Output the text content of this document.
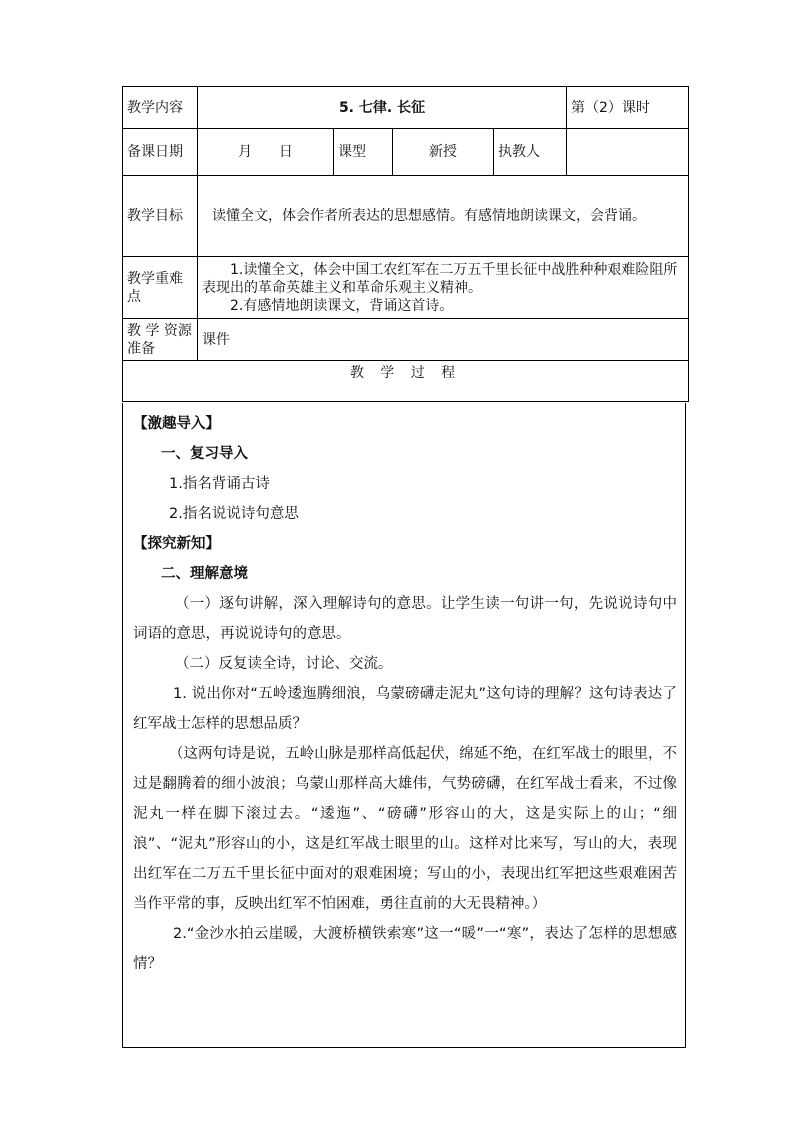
教学内容	5. 七律. 长征				第（2）课时
备课日期	月      日	课型	新授	执教人	
教学目标	读懂全文，体会作者所表达的思想感情。有感情地朗读课文，会背诵。				
教学重难点	1.读懂全文，体会中国工农红军在二万五千里长征中战胜种种艰难险阻所表现出的革命英雄主义和革命乐观主义精神。
2.有感情地朗读课文，背诵这首诗。				

教 学 资源准备	课件				
教 学 过 程					

【激趣导入】

一、复习导入

1.指名背诵古诗

2.指名说说诗句意思

【探究新知】

二、理解意境

（一）逐句讲解，深入理解诗句的意思。让学生读一句讲一句，先说说诗句中词语的意思，再说说诗句的意思。

（二）反复读全诗，讨论、交流。

1. 说出你对“五岭逶迤腾细浪，乌蒙磅礴走泥丸”这句诗的理解？这句诗表达了红军战士怎样的思想品质？

（这两句诗是说，五岭山脉是那样高低起伏，绵延不绝，在红军战士的眼里，不过是翻腾着的细小波浪；乌蒙山那样高大雄伟，气势磅礴，在红军战士看来，不过像泥丸一样在脚下滚过去。“逶迤”、“磅礴”形容山的大，这是实际上的山；“细浪”、“泥丸”形容山的小，这是红军战士眼里的山。这样对比来写，写山的大，表现出红军在二万五千里长征中面对的艰难困境；写山的小，表现出红军把这些艰难困苦当作平常的事，反映出红军不怕困难，勇往直前的大无畏精神。）

2.“金沙水拍云崖暖，大渡桥横铁索寒”这一“暖”一“寒”，表达了怎样的思想感情？
